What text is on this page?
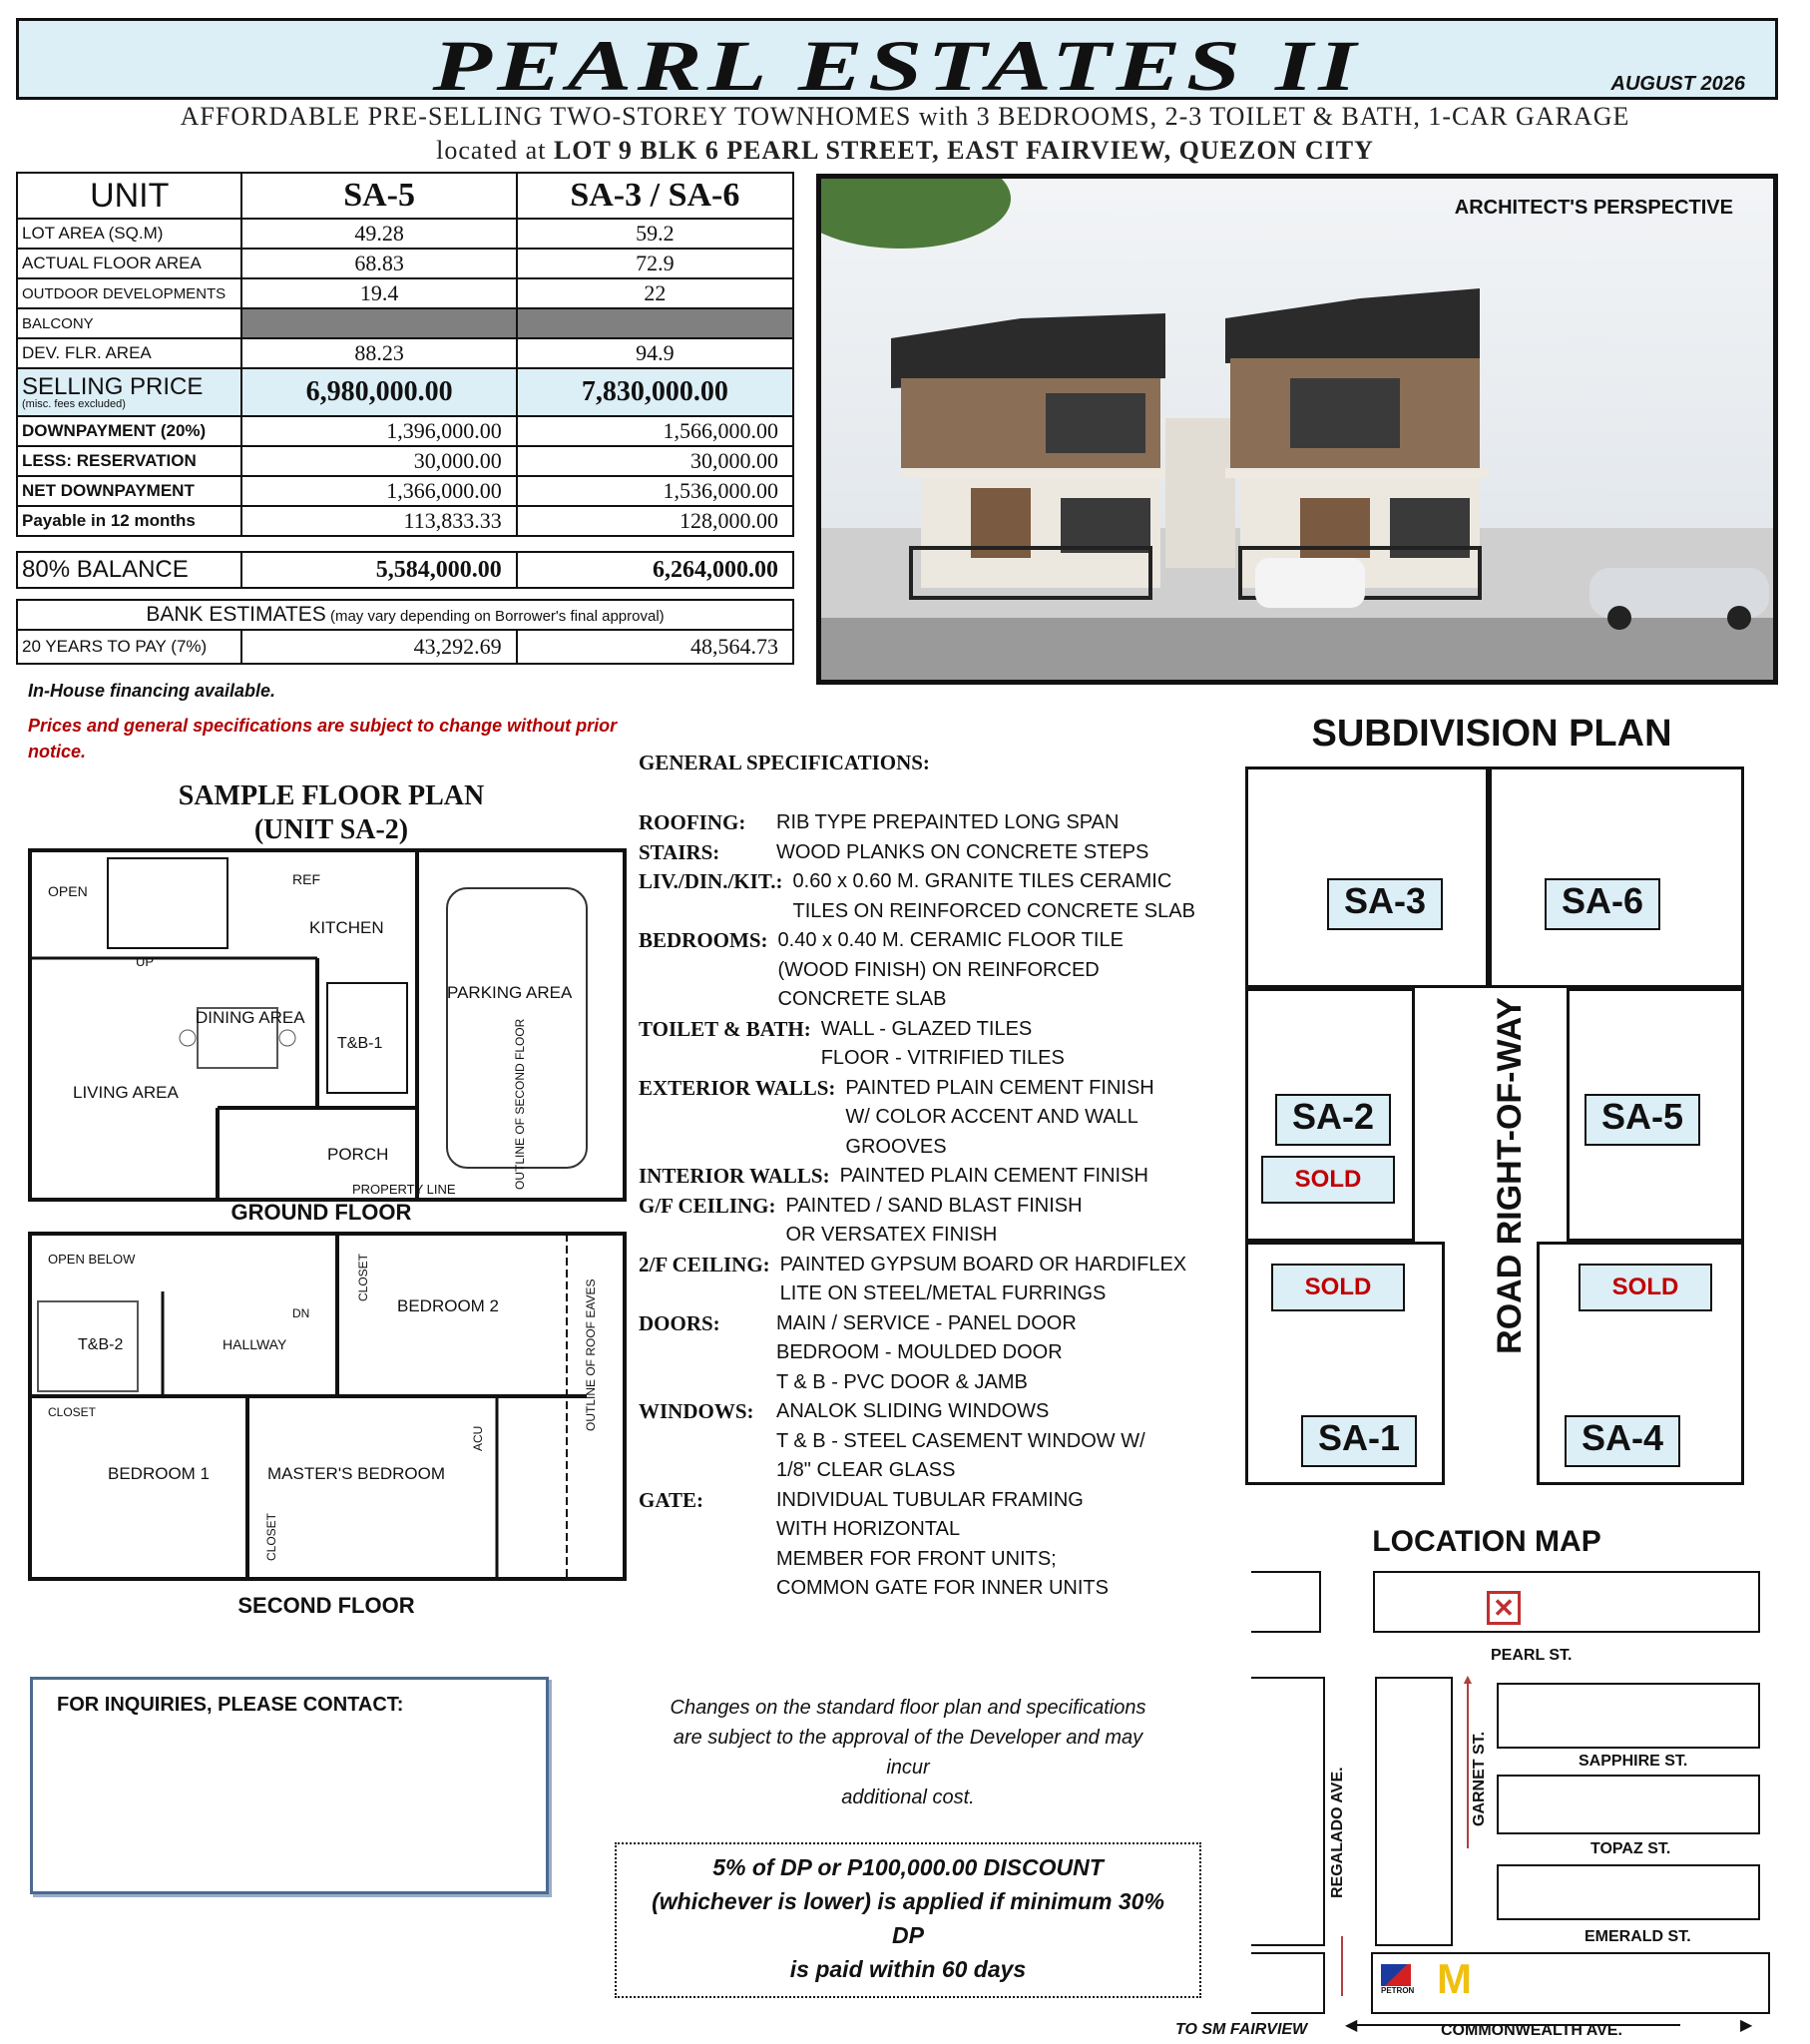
PEARL ESTATES II	AUGUST 2026
AFFORDABLE PRE-SELLING TWO-STOREY TOWNHOMES with 3 BEDROOMS, 2-3 TOILET & BATH, 1-CAR GARAGE
located at LOT 9 BLK 6 PEARL STREET, EAST FAIRVIEW, QUEZON CITY
UNIT	SA-5	SA-3 / SA-6
LOT AREA (SQ.M)	49.28	59.2
ACTUAL FLOOR AREA	68.83	72.9
OUTDOOR DEVELOPMENTS	19.4	22
BALCONY		
DEV. FLR. AREA	88.23	94.9

SELLING PRICE
(misc. fees excluded)	6,980,000.00	7,830,000.00
DOWNPAYMENT (20%)	1,396,000.00	1,566,000.00
LESS: RESERVATION	30,000.00	30,000.00
NET DOWNPAYMENT	1,366,000.00	1,536,000.00
Payable in 12 months	113,833.33	128,000.00
80% BALANCE	5,584,000.00	6,264,000.00
BANK ESTIMATES (may vary depending on Borrower's final approval)
20 YEARS TO PAY (7%)	43,292.69	48,564.73
ARCHITECT'S PERSPECTIVE
In-House financing available.
Prices and general specifications are subject to change without prior notice.
SAMPLE FLOOR PLAN
(UNIT SA-2)
OPEN
REF
KITCHEN
UP
DINING AREA
PARKING AREA
T&B-1
LIVING AREA
PORCH
PROPERTY LINE	OUTLINE OF SECOND FLOOR
GROUND FLOOR
OPEN BELOW	CLOSET
BEDROOM 2
T&B-2	HALLWAY
DN	OUTLINE OF ROOF EAVES
CLOSET
BEDROOM 1	MASTER'S BEDROOM
ACU
CLOSET
SECOND FLOOR
GENERAL SPECIFICATIONS:
ROOFING:	RIB TYPE PREPAINTED LONG SPAN
STAIRS:	WOOD PLANKS ON CONCRETE STEPS
LIV./DIN./KIT.: 0.60 x 0.60 M. GRANITE TILES CERAMIC
TILES ON REINFORCED CONCRETE SLAB
BEDROOMS: 0.40 x 0.40 M. CERAMIC FLOOR TILE
(WOOD FINISH) ON REINFORCED
CONCRETE SLAB
TOILET & BATH: WALL - GLAZED TILES
FLOOR - VITRIFIED TILES
EXTERIOR WALLS: PAINTED PLAIN CEMENT FINISH
W/ COLOR ACCENT AND WALL GROOVES
INTERIOR WALLS: PAINTED PLAIN CEMENT FINISH
G/F CEILING: PAINTED / SAND BLAST FINISH
OR VERSATEX FINISH
2/F CEILING: PAINTED GYPSUM BOARD OR HARDIFLEX
LITE ON STEEL/METAL FURRINGS
DOORS:	MAIN / SERVICE - PANEL DOOR
BEDROOM - MOULDED DOOR
T & B - PVC DOOR & JAMB
WINDOWS:	ANALOK SLIDING WINDOWS
T & B - STEEL CASEMENT WINDOW W/
1/8" CLEAR GLASS
GATE:	INDIVIDUAL TUBULAR FRAMING
WITH HORIZONTAL
MEMBER FOR FRONT UNITS;
COMMON GATE FOR INNER UNITS
SUBDIVISION PLAN
SA-3	SA-6
SA-2	SA-5
SOLD
SOLD	SOLD
SA-1	SA-4
ROAD RIGHT-OF-WAY
LOCATION MAP
✕
PEARL ST.
▲
SAPPHIRE ST.
TOPAZ ST.
EMERALD ST.
REGALADO AVE.	GARNET ST.
PETRON M
◀	▶
COMMONWEALTH AVE.
TO SM FAIRVIEW
FOR INQUIRIES, PLEASE CONTACT:	Changes on the standard floor plan and specifications
are subject to the approval of the Developer and may
incur
additional cost.
5% of DP or P100,000.00 DISCOUNT
(whichever is lower) is applied if minimum 30%
DP
is paid within 60 days
